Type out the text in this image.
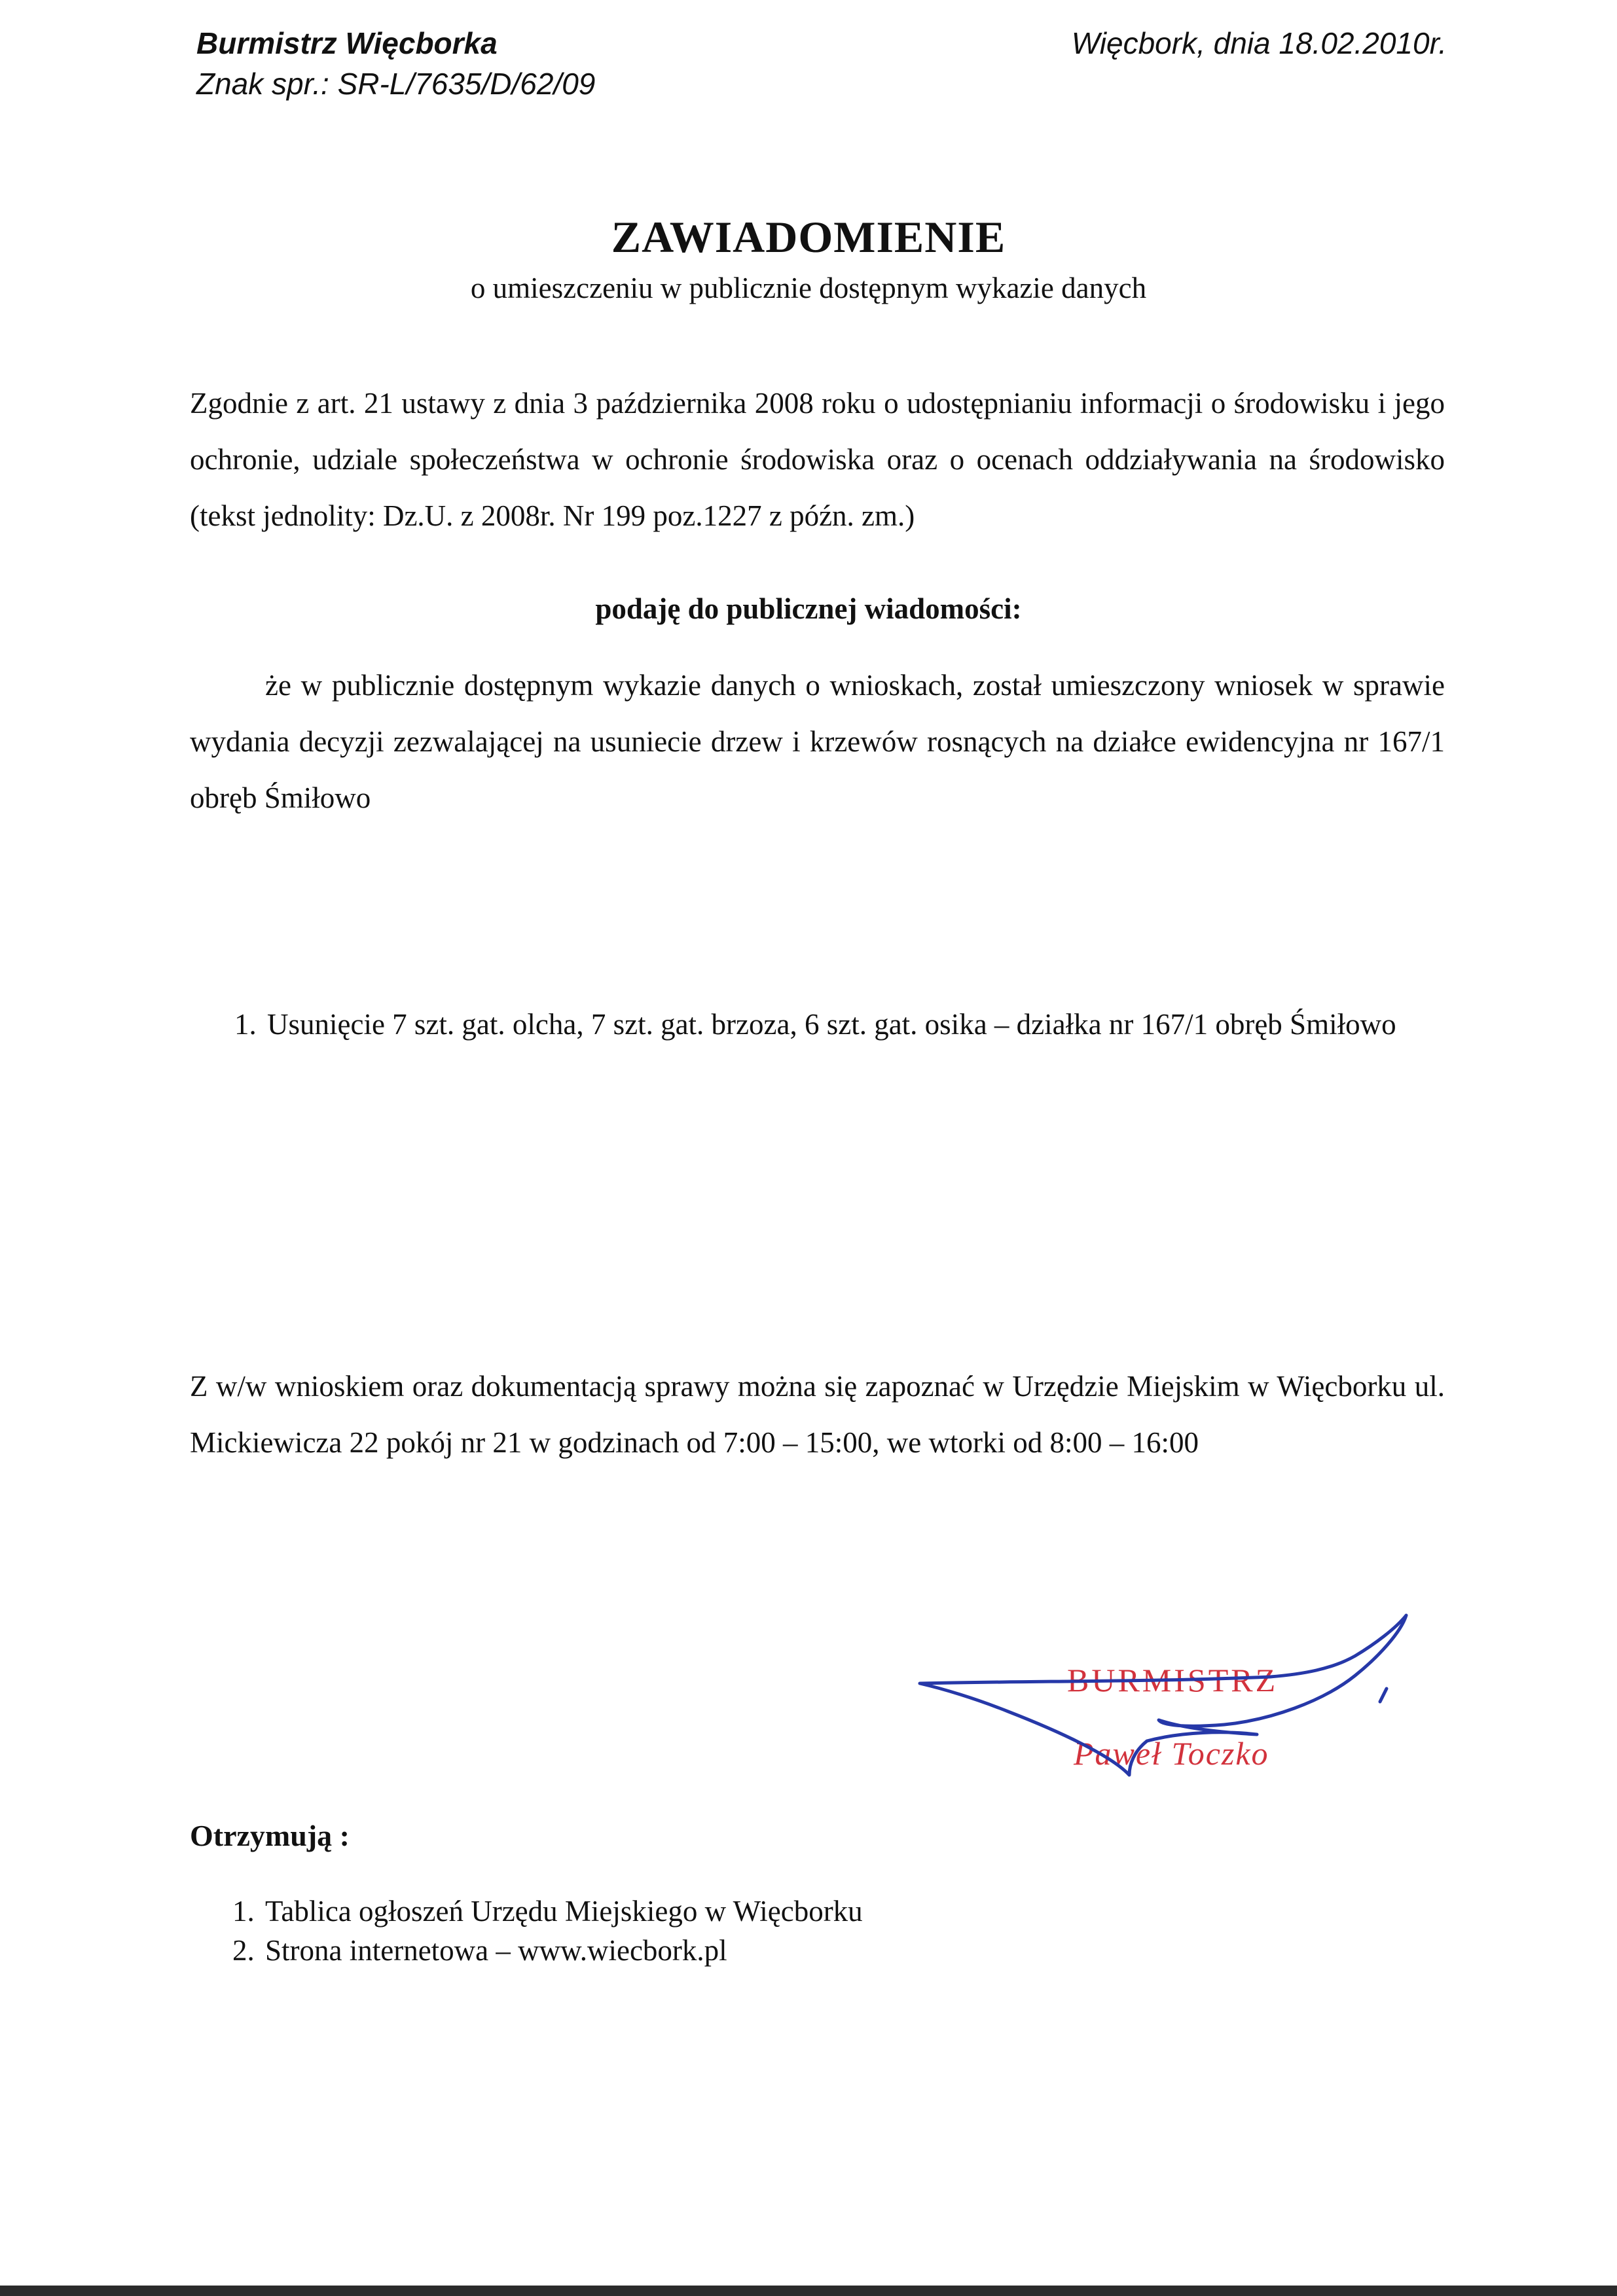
Burmistrz Więcborka
Znak spr.: SR-L/7635/D/62/09
Więcbork, dnia 18.02.2010r.
ZAWIADOMIENIE
o umieszczeniu w publicznie dostępnym wykazie danych
Zgodnie z art. 21 ustawy z dnia 3 października 2008 roku o udostępnianiu informacji o środowisku i jego ochronie, udziale społeczeństwa w ochronie środowiska oraz o ocenach oddziaływania na środowisko (tekst jednolity: Dz.U. z 2008r. Nr 199 poz.1227 z późn. zm.)
podaję do publicznej wiadomości:
że w publicznie dostępnym wykazie danych o wnioskach, został umieszczony wniosek w sprawie wydania decyzji zezwalającej na usuniecie drzew i krzewów rosnących na działce ewidencyjna nr 167/1 obręb Śmiłowo
1. Usunięcie 7 szt. gat. olcha, 7 szt. gat. brzoza, 6 szt. gat. osika – działka nr 167/1 obręb Śmiłowo
Z w/w wnioskiem oraz dokumentacją sprawy można się zapoznać w Urzędzie Miejskim w Więcborku ul. Mickiewicza 22 pokój nr 21 w godzinach od 7:00 – 15:00, we wtorki od 8:00 – 16:00
BURMISTRZ
Paweł Toczko
Otrzymują :
1. Tablica ogłoszeń Urzędu Miejskiego w Więcborku
2. Strona internetowa – www.wiecbork.pl
